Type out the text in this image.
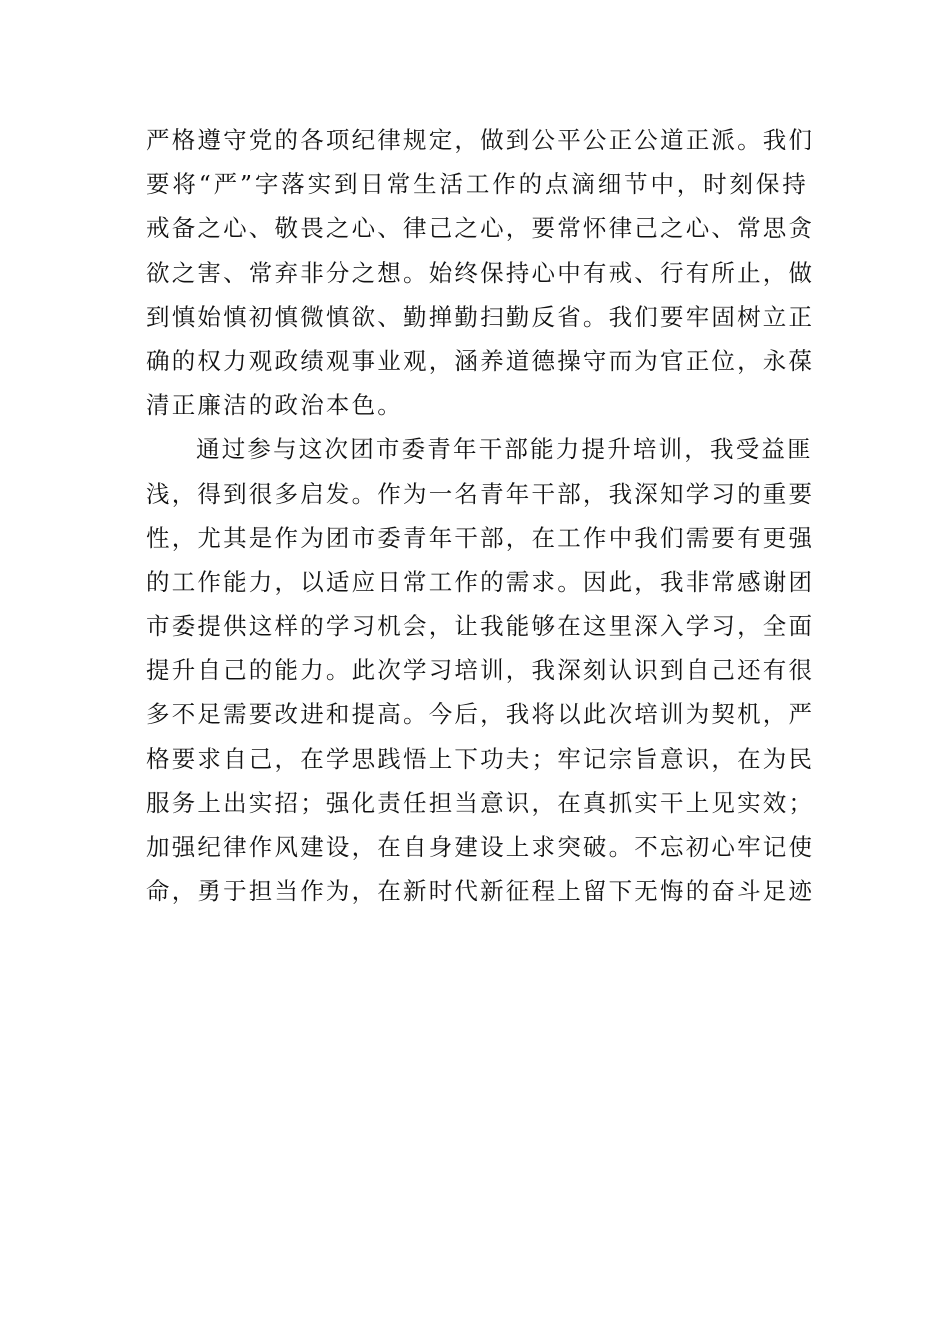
严格遵守党的各项纪律规定，做到公平公正公道正派。我们
要将“严”字落实到日常生活工作的点滴细节中，时刻保持
戒备之心、敬畏之心、律己之心，要常怀律己之心、常思贪
欲之害、常弃非分之想。始终保持心中有戒、行有所止，做
到慎始慎初慎微慎欲、勤掸勤扫勤反省。我们要牢固树立正
确的权力观政绩观事业观，涵养道德操守而为官正位，永葆
清正廉洁的政治本色。
通过参与这次团市委青年干部能力提升培训，我受益匪
浅，得到很多启发。作为一名青年干部，我深知学习的重要
性，尤其是作为团市委青年干部，在工作中我们需要有更强
的工作能力，以适应日常工作的需求。因此，我非常感谢团
市委提供这样的学习机会，让我能够在这里深入学习，全面
提升自己的能力。此次学习培训，我深刻认识到自己还有很
多不足需要改进和提高。今后，我将以此次培训为契机，严
格要求自己，在学思践悟上下功夫；牢记宗旨意识，在为民
服务上出实招；强化责任担当意识，在真抓实干上见实效；
加强纪律作风建设，在自身建设上求突破。不忘初心牢记使
命，勇于担当作为，在新时代新征程上留下无悔的奋斗足迹
